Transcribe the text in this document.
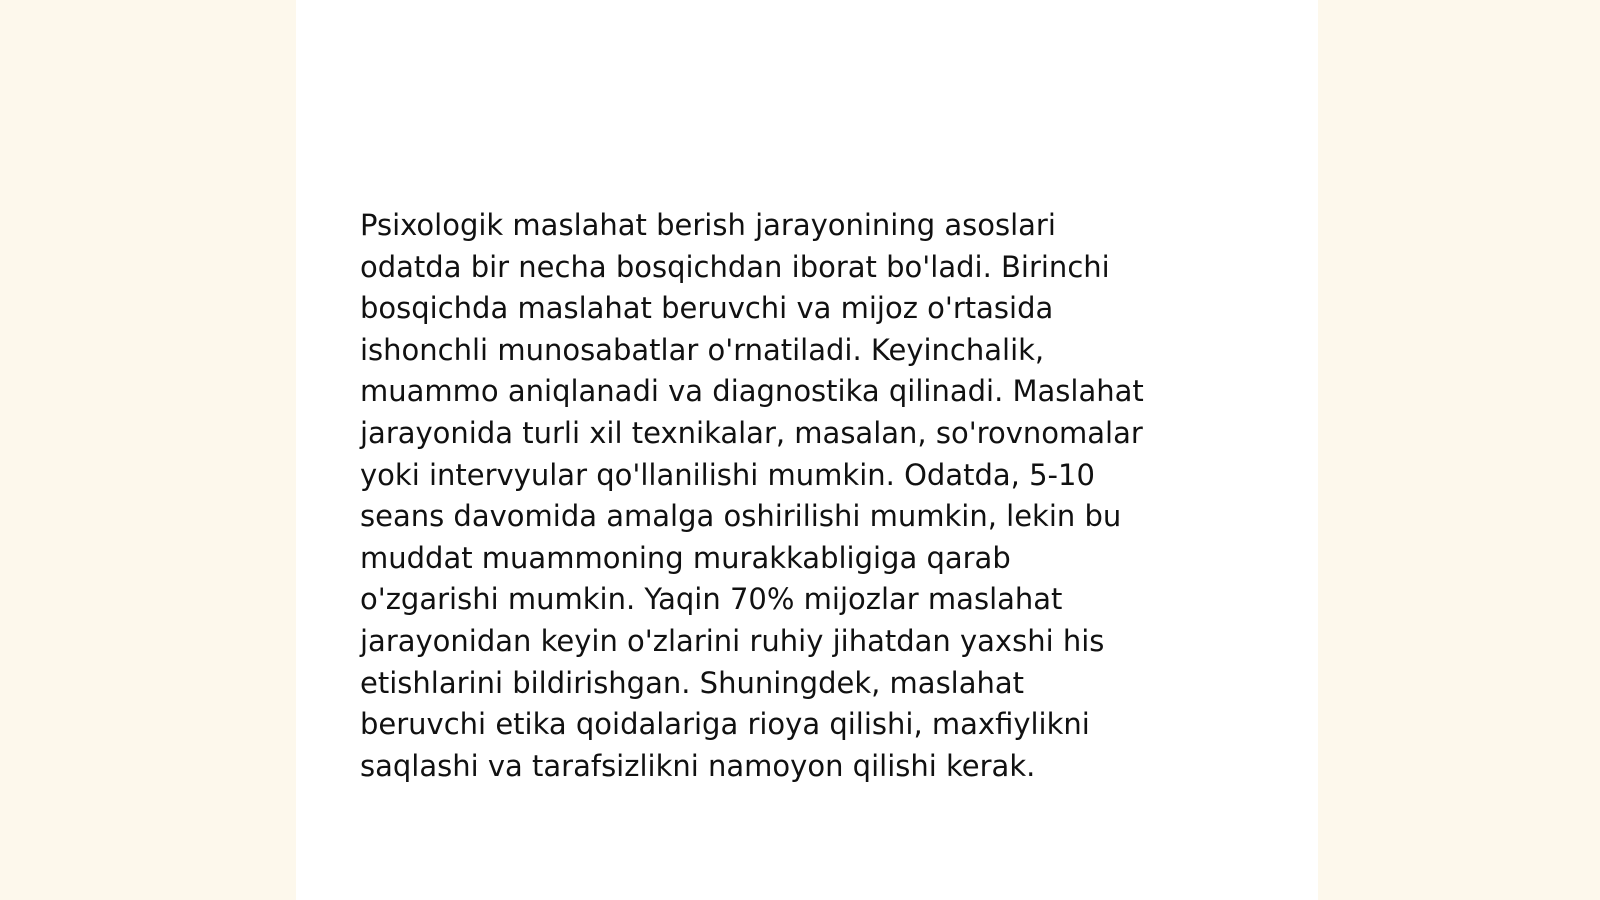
Psixologik maslahat berish jarayonining asoslari
odatda bir necha bosqichdan iborat bo'ladi. Birinchi
bosqichda maslahat beruvchi va mijoz o'rtasida
ishonchli munosabatlar o'rnatiladi. Keyinchalik,
muammo aniqlanadi va diagnostika qilinadi. Maslahat
jarayonida turli xil texnikalar, masalan, so'rovnomalar
yoki intervyular qo'llanilishi mumkin. Odatda, 5-10
seans davomida amalga oshirilishi mumkin, lekin bu
muddat muammoning murakkabligiga qarab
o'zgarishi mumkin. Yaqin 70% mijozlar maslahat
jarayonidan keyin o'zlarini ruhiy jihatdan yaxshi his
etishlarini bildirishgan. Shuningdek, maslahat
beruvchi etika qoidalariga rioya qilishi, maxfiylikni
saqlashi va tarafsizlikni namoyon qilishi kerak.
